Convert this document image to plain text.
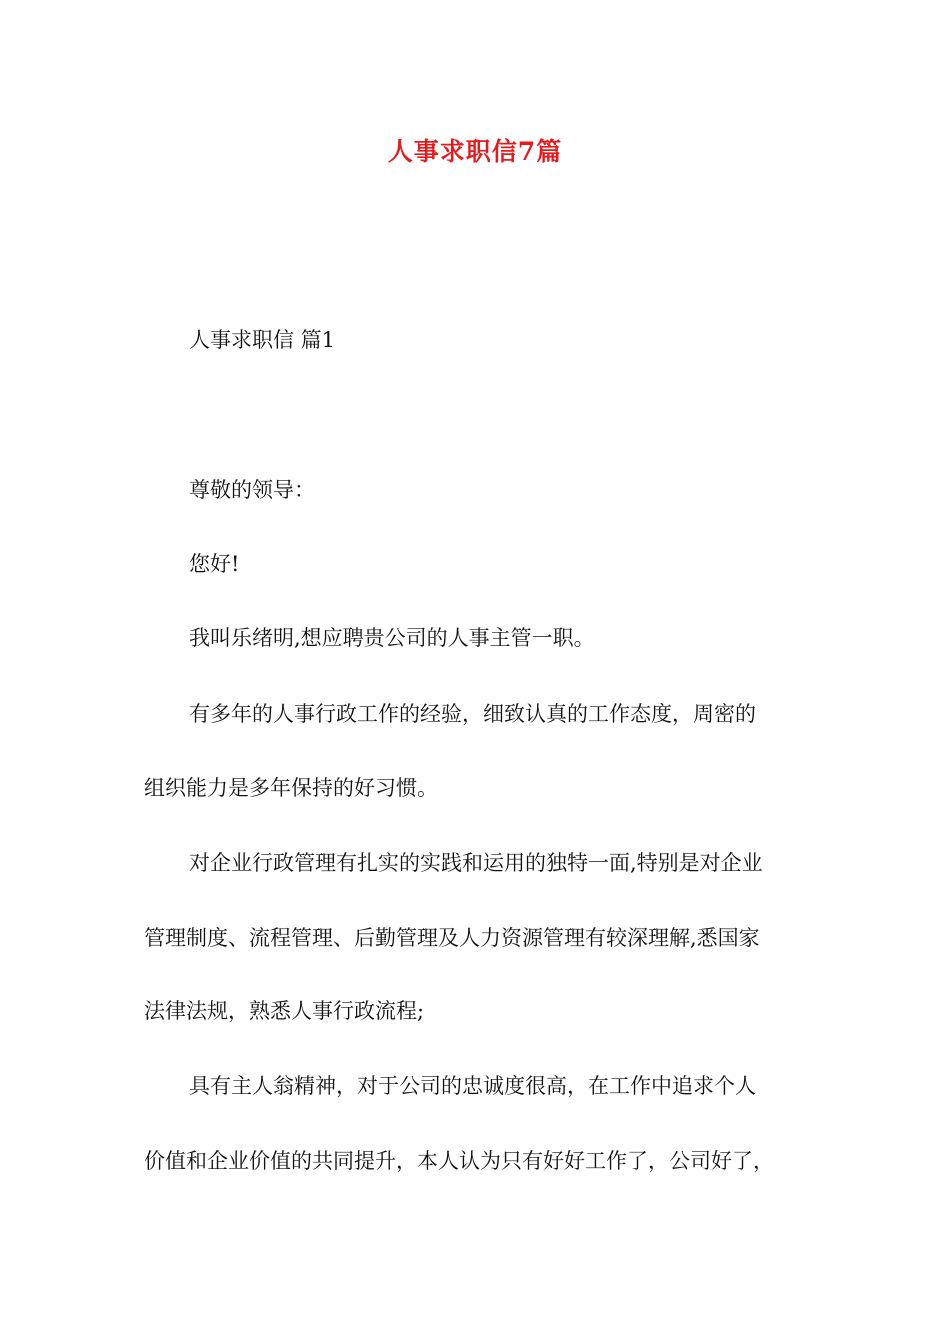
人事求职信7篇
人事求职信 篇1
尊敬的领导：
您好!
我叫乐绪明,想应聘贵公司的人事主管一职。
有多年的人事行政工作的经验，细致认真的工作态度，周密的
组织能力是多年保持的好习惯。
对企业行政管理有扎实的实践和运用的独特一面,特别是对企业
管理制度、流程管理、后勤管理及人力资源管理有较深理解,悉国家
法律法规，熟悉人事行政流程;
具有主人翁精神，对于公司的忠诚度很高，在工作中追求个人
价值和企业价值的共同提升，本人认为只有好好工作了，公司好了，
